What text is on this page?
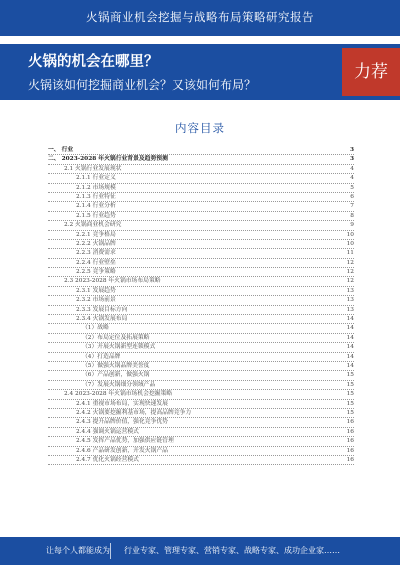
火锅商业机会挖掘与战略布局策略研究报告
火锅的机会在哪里？
火锅该如何挖掘商业机会？又该如何布局？
力荐
内容目录
一、 行业	3
二、 2023-2028 年火锅行业背景及趋势预测	3
2.1 火锅行业发展现状	4
2.1.1 行业定义	4
2.1.2 市场规模	5
2.1.3 行业特征	6
2.1.4 行业分析	7
2.1.5 行业趋势	8
2.2 火锅商业机会研究	9
2.2.1 竞争格局	10
2.2.2 火锅品牌	10
2.2.3 消费需求	11
2.2.4 行业壁垒	12
2.2.5 竞争策略	12
2.3 2023-2028 年火锅市场布局策略	12
2.3.1 发展趋势	13
2.3.2 市场前景	13
2.3.3 发展目标方向	13
2.3.4 火锅发展布局	14
（1）战略	14
（2）布局定位及拓展策略	14
（3）开展火锅新型连锁模式	14
（4）打造品牌	14
（5）做强火锅品牌美誉度	14
（6）产品创新，做强火锅	15
（7）发展火锅细分领域产品	15
2.4 2023-2028 年火锅市场机会挖掘策略	15
2.4.1 重视市场布局，实现快速发展	15
2.4.2 火锅要挖掘利基市场，提高品牌竞争力	15
2.4.3 提升品牌价值，强化竞争优势	16
2.4.4 强调火锅运营模式	16
2.4.5 发挥产品优势，加强供应链管理	16
2.4.6 产品研发创新，开发火锅产品	16
2.4.7 优化火锅经营模式	16
让每个人都能成为 行业专家、管理专家、营销专家、战略专家、成功企业家……
